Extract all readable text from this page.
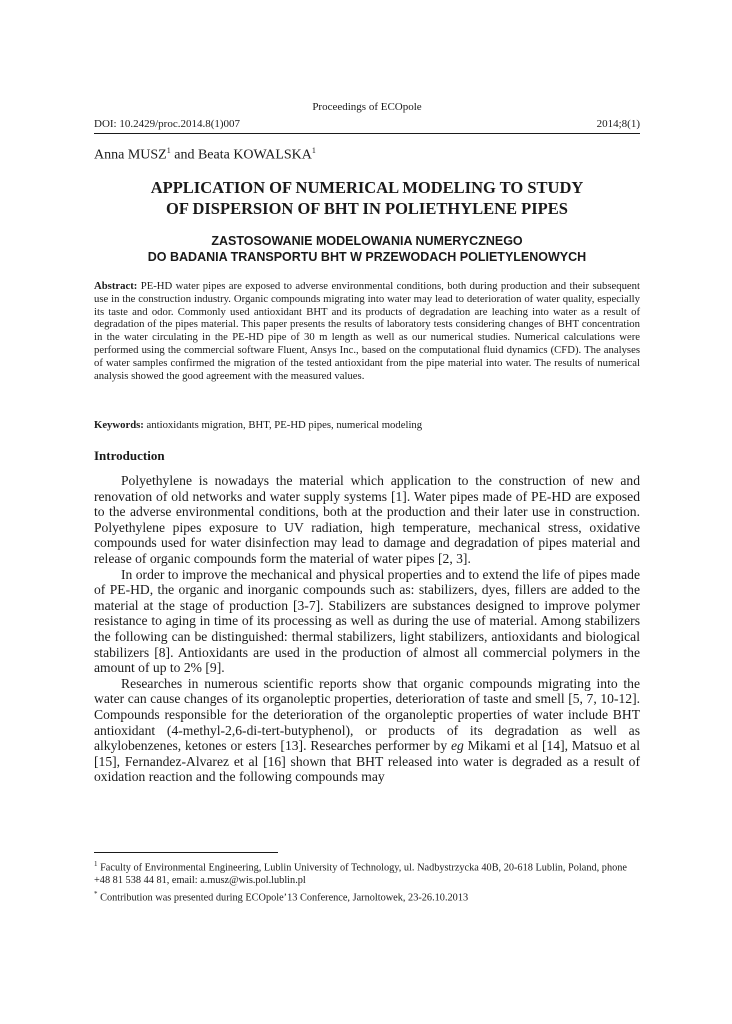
Proceedings of ECOpole
DOI: 10.2429/proc.2014.8(1)007	2014;8(1)
Anna MUSZ$^1$ and Beata KOWALSKA$^1$
APPLICATION OF NUMERICAL MODELING TO STUDY
OF DISPERSION OF BHT IN POLIETHYLENE PIPES
ZASTOSOWANIE MODELOWANIA NUMERYCZNEGO
DO BADANIA TRANSPORTU BHT W PRZEWODACH POLIETYLENOWYCH

Abstract: PE-HD water pipes are exposed to adverse environmental conditions, both during production and their subsequent use in the construction industry. Organic compounds migrating into water may lead to deterioration of water quality, especially its taste and odor. Commonly used antioxidant BHT and its products of degradation are leaching into water as a result of degradation of the pipes material. This paper presents the results of laboratory tests considering changes of BHT concentration in the water circulating in the PE-HD pipe of 30 m length as well as our numerical studies. Numerical calculations were performed using the commercial software Fluent, Ansys Inc., based on the computational fluid dynamics (CFD). The analyses of water samples confirmed the migration of the tested antioxidant from the pipe material into water. The results of numerical analysis showed the good agreement with the measured values.

Keywords: antioxidants migration, BHT, PE-HD pipes, numerical modeling

Introduction

Polyethylene is nowadays the material which application to the construction of new and renovation of old networks and water supply systems [1]. Water pipes made of PE-HD are exposed to the adverse environmental conditions, both at the production and their later use in construction. Polyethylene pipes exposure to UV radiation, high temperature, mechanical stress, oxidative compounds used for water disinfection may lead to damage and degradation of pipes material and release of organic compounds form the material of water pipes [2, 3].

In order to improve the mechanical and physical properties and to extend the life of pipes made of PE-HD, the organic and inorganic compounds such as: stabilizers, dyes, fillers are added to the material at the stage of production [3-7]. Stabilizers are substances designed to improve polymer resistance to aging in time of its processing as well as during the use of material. Among stabilizers the following can be distinguished: thermal stabilizers, light stabilizers, antioxidants and biological stabilizers [8]. Antioxidants are used in the production of almost all commercial polymers in the amount of up to 2% [9].

Researches in numerous scientific reports show that organic compounds migrating into the water can cause changes of its organoleptic properties, deterioration of taste and smell [5, 7, 10-12]. Compounds responsible for the deterioration of the organoleptic properties of water include BHT antioxidant (4-methyl-2,6-di-tert-butyphenol), or products of its degradation as well as alkylobenzenes, ketones or esters [13]. Researches performer by eg Mikami et al [14], Matsuo et al [15], Fernandez-Alvarez et al [16] shown that BHT released into water is degraded as a result of oxidation reaction and the following compounds may

$^1$ Faculty of Environmental Engineering, Lublin University of Technology, ul. Nadbystrzycka 40B, 20-618 Lublin, Poland, phone +48 81 538 44 81, email: a.musz@wis.pol.lublin.pl

* Contribution was presented during ECOpole’13 Conference, Jarnoltowek, 23-26.10.2013
